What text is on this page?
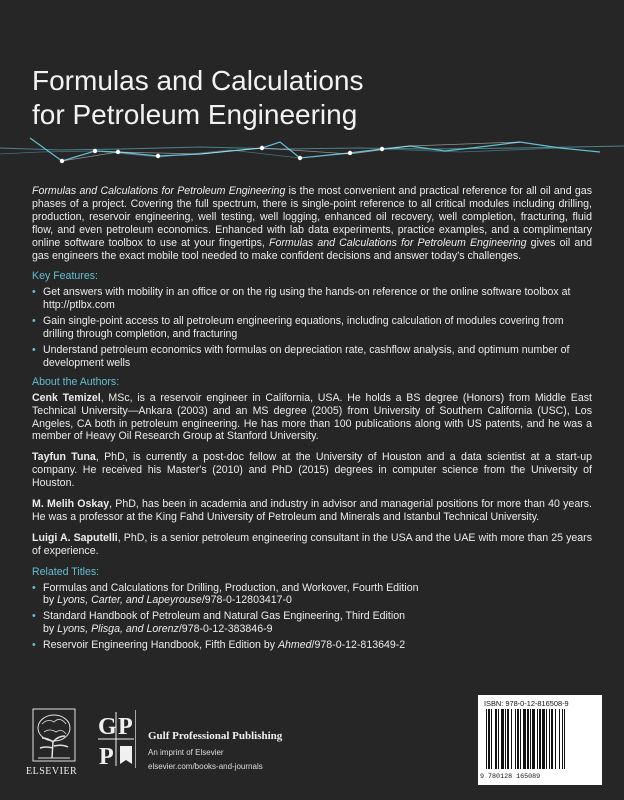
Formulas and Calculations
for Petroleum Engineering

Formulas and Calculations for Petroleum Engineering is the most convenient and practical reference for all oil and gas phases of a project. Covering the full spectrum, there is single-point reference to all critical modules including drilling, production, reservoir engineering, well testing, well logging, enhanced oil recovery, well completion, fracturing, fluid flow, and even petroleum economics. Enhanced with lab data experiments, practice examples, and a complimentary online software toolbox to use at your fingertips, Formulas and Calculations for Petroleum Engineering gives oil and gas engineers the exact mobile tool needed to make confident decisions and answer today's challenges.

Key Features:
• Get answers with mobility in an office or on the rig using the hands-on reference or the online software toolbox at http://ptlbx.com
• Gain single-point access to all petroleum engineering equations, including calculation of modules covering from drilling through completion, and fracturing
• Understand petroleum economics with formulas on depreciation rate, cashflow analysis, and optimum number of development wells
About the Authors:

Cenk Temizel, MSc, is a reservoir engineer in California, USA. He holds a BS degree (Honors) from Middle East Technical University—Ankara (2003) and an MS degree (2005) from University of Southern California (USC), Los Angeles, CA both in petroleum engineering. He has more than 100 publications along with US patents, and he was a member of Heavy Oil Research Group at Stanford University.

Tayfun Tuna, PhD, is currently a post-doc fellow at the University of Houston and a data scientist at a start-up company. He received his Master's (2010) and PhD (2015) degrees in computer science from the University of Houston.

M. Melih Oskay, PhD, has been in academia and industry in advisor and managerial positions for more than 40 years. He was a professor at the King Fahd University of Petroleum and Minerals and Istanbul Technical University.

Luigi A. Saputelli, PhD, is a senior petroleum engineering consultant in the USA and the UAE with more than 25 years of experience.

Related Titles:
• Formulas and Calculations for Drilling, Production, and Workover, Fourth Edition
by Lyons, Carter, and Lapeyrouse/978-0-12803417-0
• Standard Handbook of Petroleum and Natural Gas Engineering, Third Edition
by Lyons, Plisga, and Lorenz/978-0-12-383846-9
• Reservoir Engineering Handbook, Fifth Edition by Ahmed/978-0-12-813649-2
ELSEVIER
G P
P
Gulf Professional Publishing
An imprint of Elsevier
elsevier.com/books-and-journals
ISBN: 978-0-12-816508-9
9 780128 165089
